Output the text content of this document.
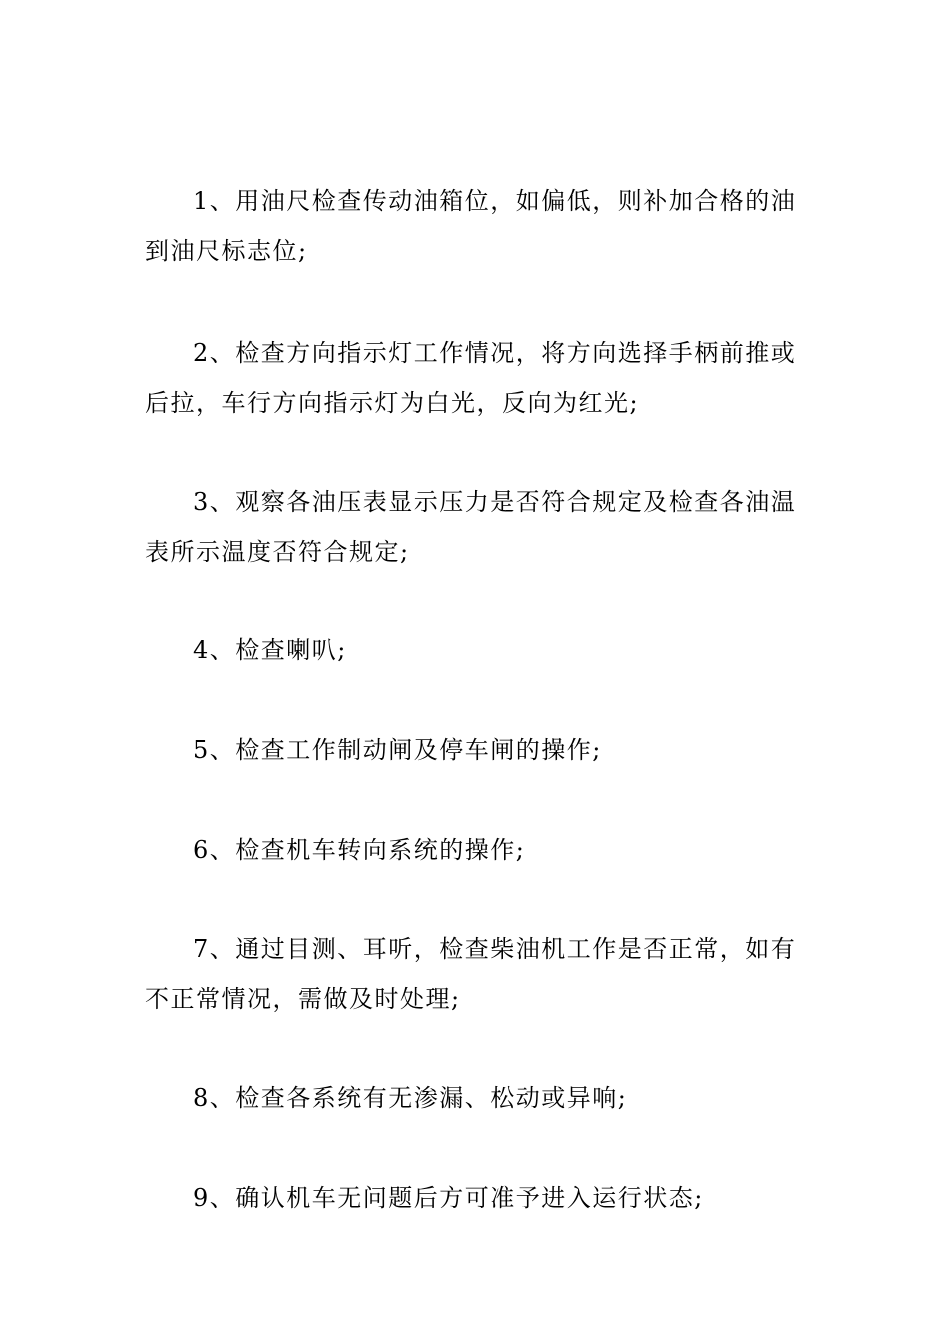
1、用油尺检查传动油箱位，如偏低，则补加合格的油到油尺标志位;

2、检查方向指示灯工作情况，将方向选择手柄前推或后拉，车行方向指示灯为白光，反向为红光;

3、观察各油压表显示压力是否符合规定及检查各油温表所示温度否符合规定;

4、检查喇叭;

5、检查工作制动闸及停车闸的操作;

6、检查机车转向系统的操作;

7、通过目测、耳听，检查柴油机工作是否正常，如有不正常情况，需做及时处理;

8、检查各系统有无渗漏、松动或异响;

9、确认机车无问题后方可准予进入运行状态;
